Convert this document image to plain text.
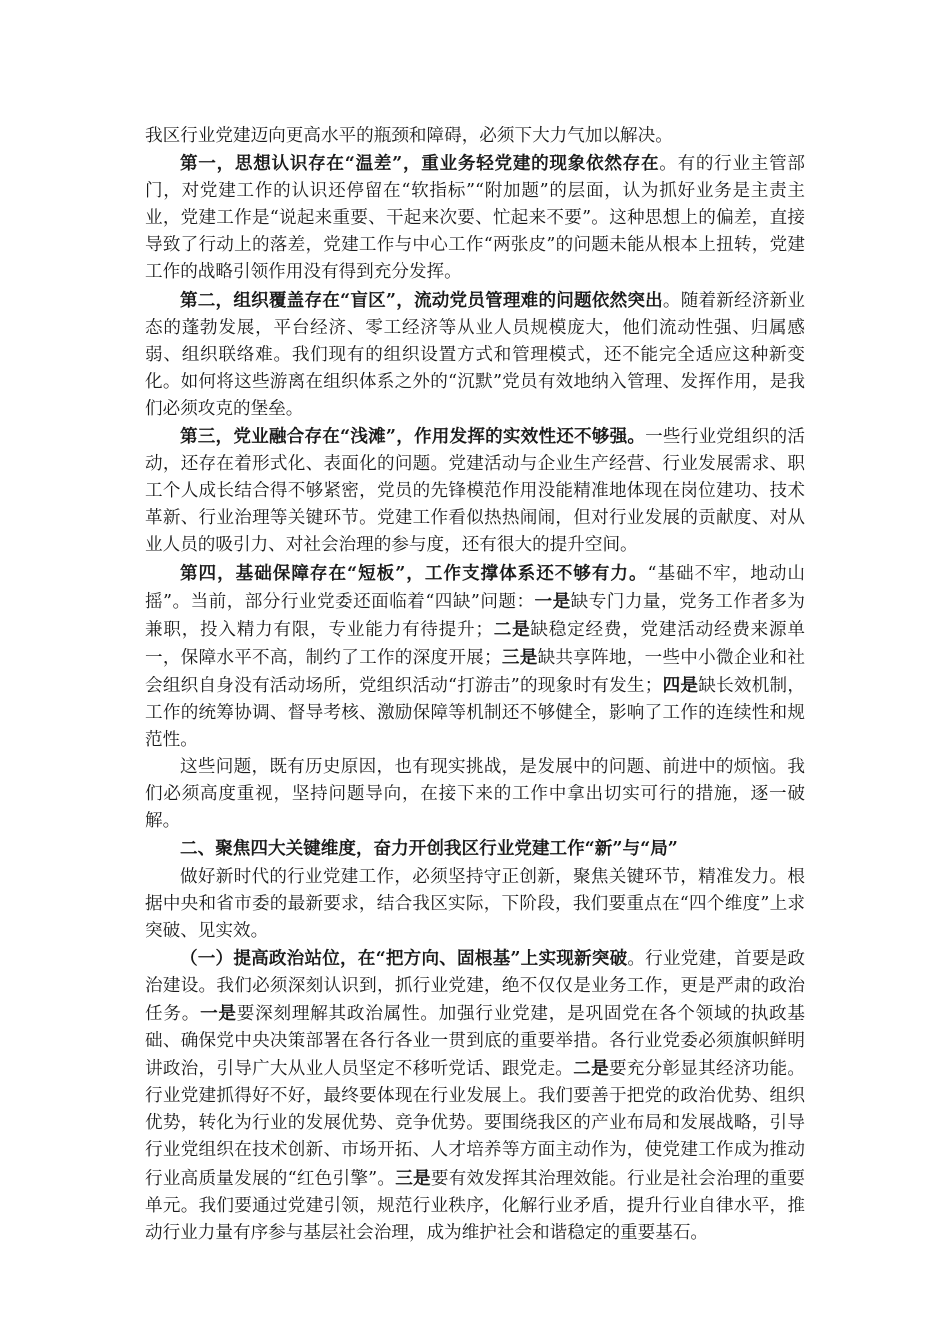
我区行业党建迈向更高水平的瓶颈和障碍，必须下大力气加以解决。

第一，思想认识存在“温差”，重业务轻党建的现象依然存在。有的行业主管部门，对党建工作的认识还停留在“软指标”“附加题”的层面，认为抓好业务是主责主业，党建工作是“说起来重要、干起来次要、忙起来不要”。这种思想上的偏差，直接导致了行动上的落差，党建工作与中心工作“两张皮”的问题未能从根本上扭转，党建工作的战略引领作用没有得到充分发挥。

第二，组织覆盖存在“盲区”，流动党员管理难的问题依然突出。随着新经济新业态的蓬勃发展，平台经济、零工经济等从业人员规模庞大，他们流动性强、归属感弱、组织联络难。我们现有的组织设置方式和管理模式，还不能完全适应这种新变化。如何将这些游离在组织体系之外的“沉默”党员有效地纳入管理、发挥作用，是我们必须攻克的堡垒。

第三，党业融合存在“浅滩”，作用发挥的实效性还不够强。一些行业党组织的活动，还存在着形式化、表面化的问题。党建活动与企业生产经营、行业发展需求、职工个人成长结合得不够紧密，党员的先锋模范作用没能精准地体现在岗位建功、技术革新、行业治理等关键环节。党建工作看似热热闹闹，但对行业发展的贡献度、对从业人员的吸引力、对社会治理的参与度，还有很大的提升空间。

第四，基础保障存在“短板”，工作支撑体系还不够有力。“基础不牢，地动山摇”。当前，部分行业党委还面临着“四缺”问题：一是缺专门力量，党务工作者多为兼职，投入精力有限，专业能力有待提升；二是缺稳定经费，党建活动经费来源单一，保障水平不高，制约了工作的深度开展；三是缺共享阵地，一些中小微企业和社会组织自身没有活动场所，党组织活动“打游击”的现象时有发生；四是缺长效机制，工作的统筹协调、督导考核、激励保障等机制还不够健全，影响了工作的连续性和规范性。

这些问题，既有历史原因，也有现实挑战，是发展中的问题、前进中的烦恼。我们必须高度重视，坚持问题导向，在接下来的工作中拿出切实可行的措施，逐一破解。

二、聚焦四大关键维度，奋力开创我区行业党建工作“新”与“局”

做好新时代的行业党建工作，必须坚持守正创新，聚焦关键环节，精准发力。根据中央和省市委的最新要求，结合我区实际，下阶段，我们要重点在“四个维度”上求突破、见实效。

（一）提高政治站位，在“把方向、固根基”上实现新突破。行业党建，首要是政治建设。我们必须深刻认识到，抓行业党建，绝不仅仅是业务工作，更是严肃的政治任务。一是要深刻理解其政治属性。加强行业党建，是巩固党在各个领域的执政基础、确保党中央决策部署在各行各业一贯到底的重要举措。各行业党委必须旗帜鲜明讲政治，引导广大从业人员坚定不移听党话、跟党走。二是要充分彰显其经济功能。行业党建抓得好不好，最终要体现在行业发展上。我们要善于把党的政治优势、组织优势，转化为行业的发展优势、竞争优势。要围绕我区的产业布局和发展战略，引导行业党组织在技术创新、市场开拓、人才培养等方面主动作为，使党建工作成为推动行业高质量发展的“红色引擎”。三是要有效发挥其治理效能。行业是社会治理的重要单元。我们要通过党建引领，规范行业秩序，化解行业矛盾，提升行业自律水平，推动行业力量有序参与基层社会治理，成为维护社会和谐稳定的重要基石。
